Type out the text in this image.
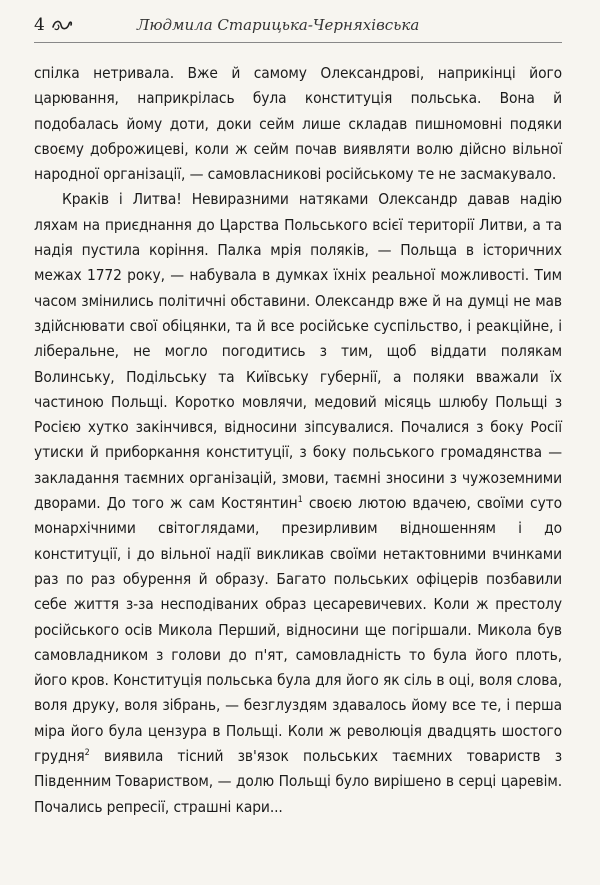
4	Людмила Старицька-Черняхівська

спілка нетривала. Вже й самому Олександрові, наприкінці його царювання, наприкрілась була конституція польська. Вона й подобалась йому доти, доки сейм лише складав пишномовні подяки своєму доброжицеві, коли ж сейм почав виявляти волю дійсно вільної народної організації, — самовласникові російському те не засмакувало.

Краків і Литва! Невиразними натяками Олександр давав надію ляхам на приєднання до Царства Польського всієї території Литви, а та надія пустила коріння. Палка мрія поляків, — Польща в історичних межах 1772 року, — набувала в думках їхніх реальної можливості. Тим часом змінились політичні обставини. Олександр вже й на думці не мав здійснювати свої обіцянки, та й все російське суспільство, і реакційне, і ліберальне, не могло погодитись з тим, щоб віддати полякам Волинську, Подільську та Київську губернії, а поляки вважали їх частиною Польщі. Коротко мовлячи, медовий місяць шлюбу Польщі з Росією хутко закінчився, відносини зіпсувалися. Почалися з боку Росії утиски й приборкання конституції, з боку польського громадянства — закладання таємних організацій, змови, таємні зносини з чужоземними дворами. До того ж сам Костянтин$^1$ своєю лютою вдачею, своїми суто монархічними світоглядами, презирливим відношенням і до конституції, і до вільної надії викликав своїми нетактовними вчинками раз по раз обурення й образу. Багато польських офіцерів позбавили себе життя з-за несподіваних образ цесаревичевих. Коли ж престолу російського осів Микола Перший, відносини ще погіршали. Микола був самовладником з голови до п'ят, самовладність то була його плоть, його кров. Конституція польська була для його як сіль в оці, воля слова, воля друку, воля зібрань, — безглуздям здавалось йому все те, і перша міра його була цензура в Польщі. Коли ж революція двадцять шостого грудня$^2$ виявила тісний зв'язок польських таємних товариств з Південним Товариством, — долю Польщі було вирішено в серці царевім. Почались репресії, страшні кари...
